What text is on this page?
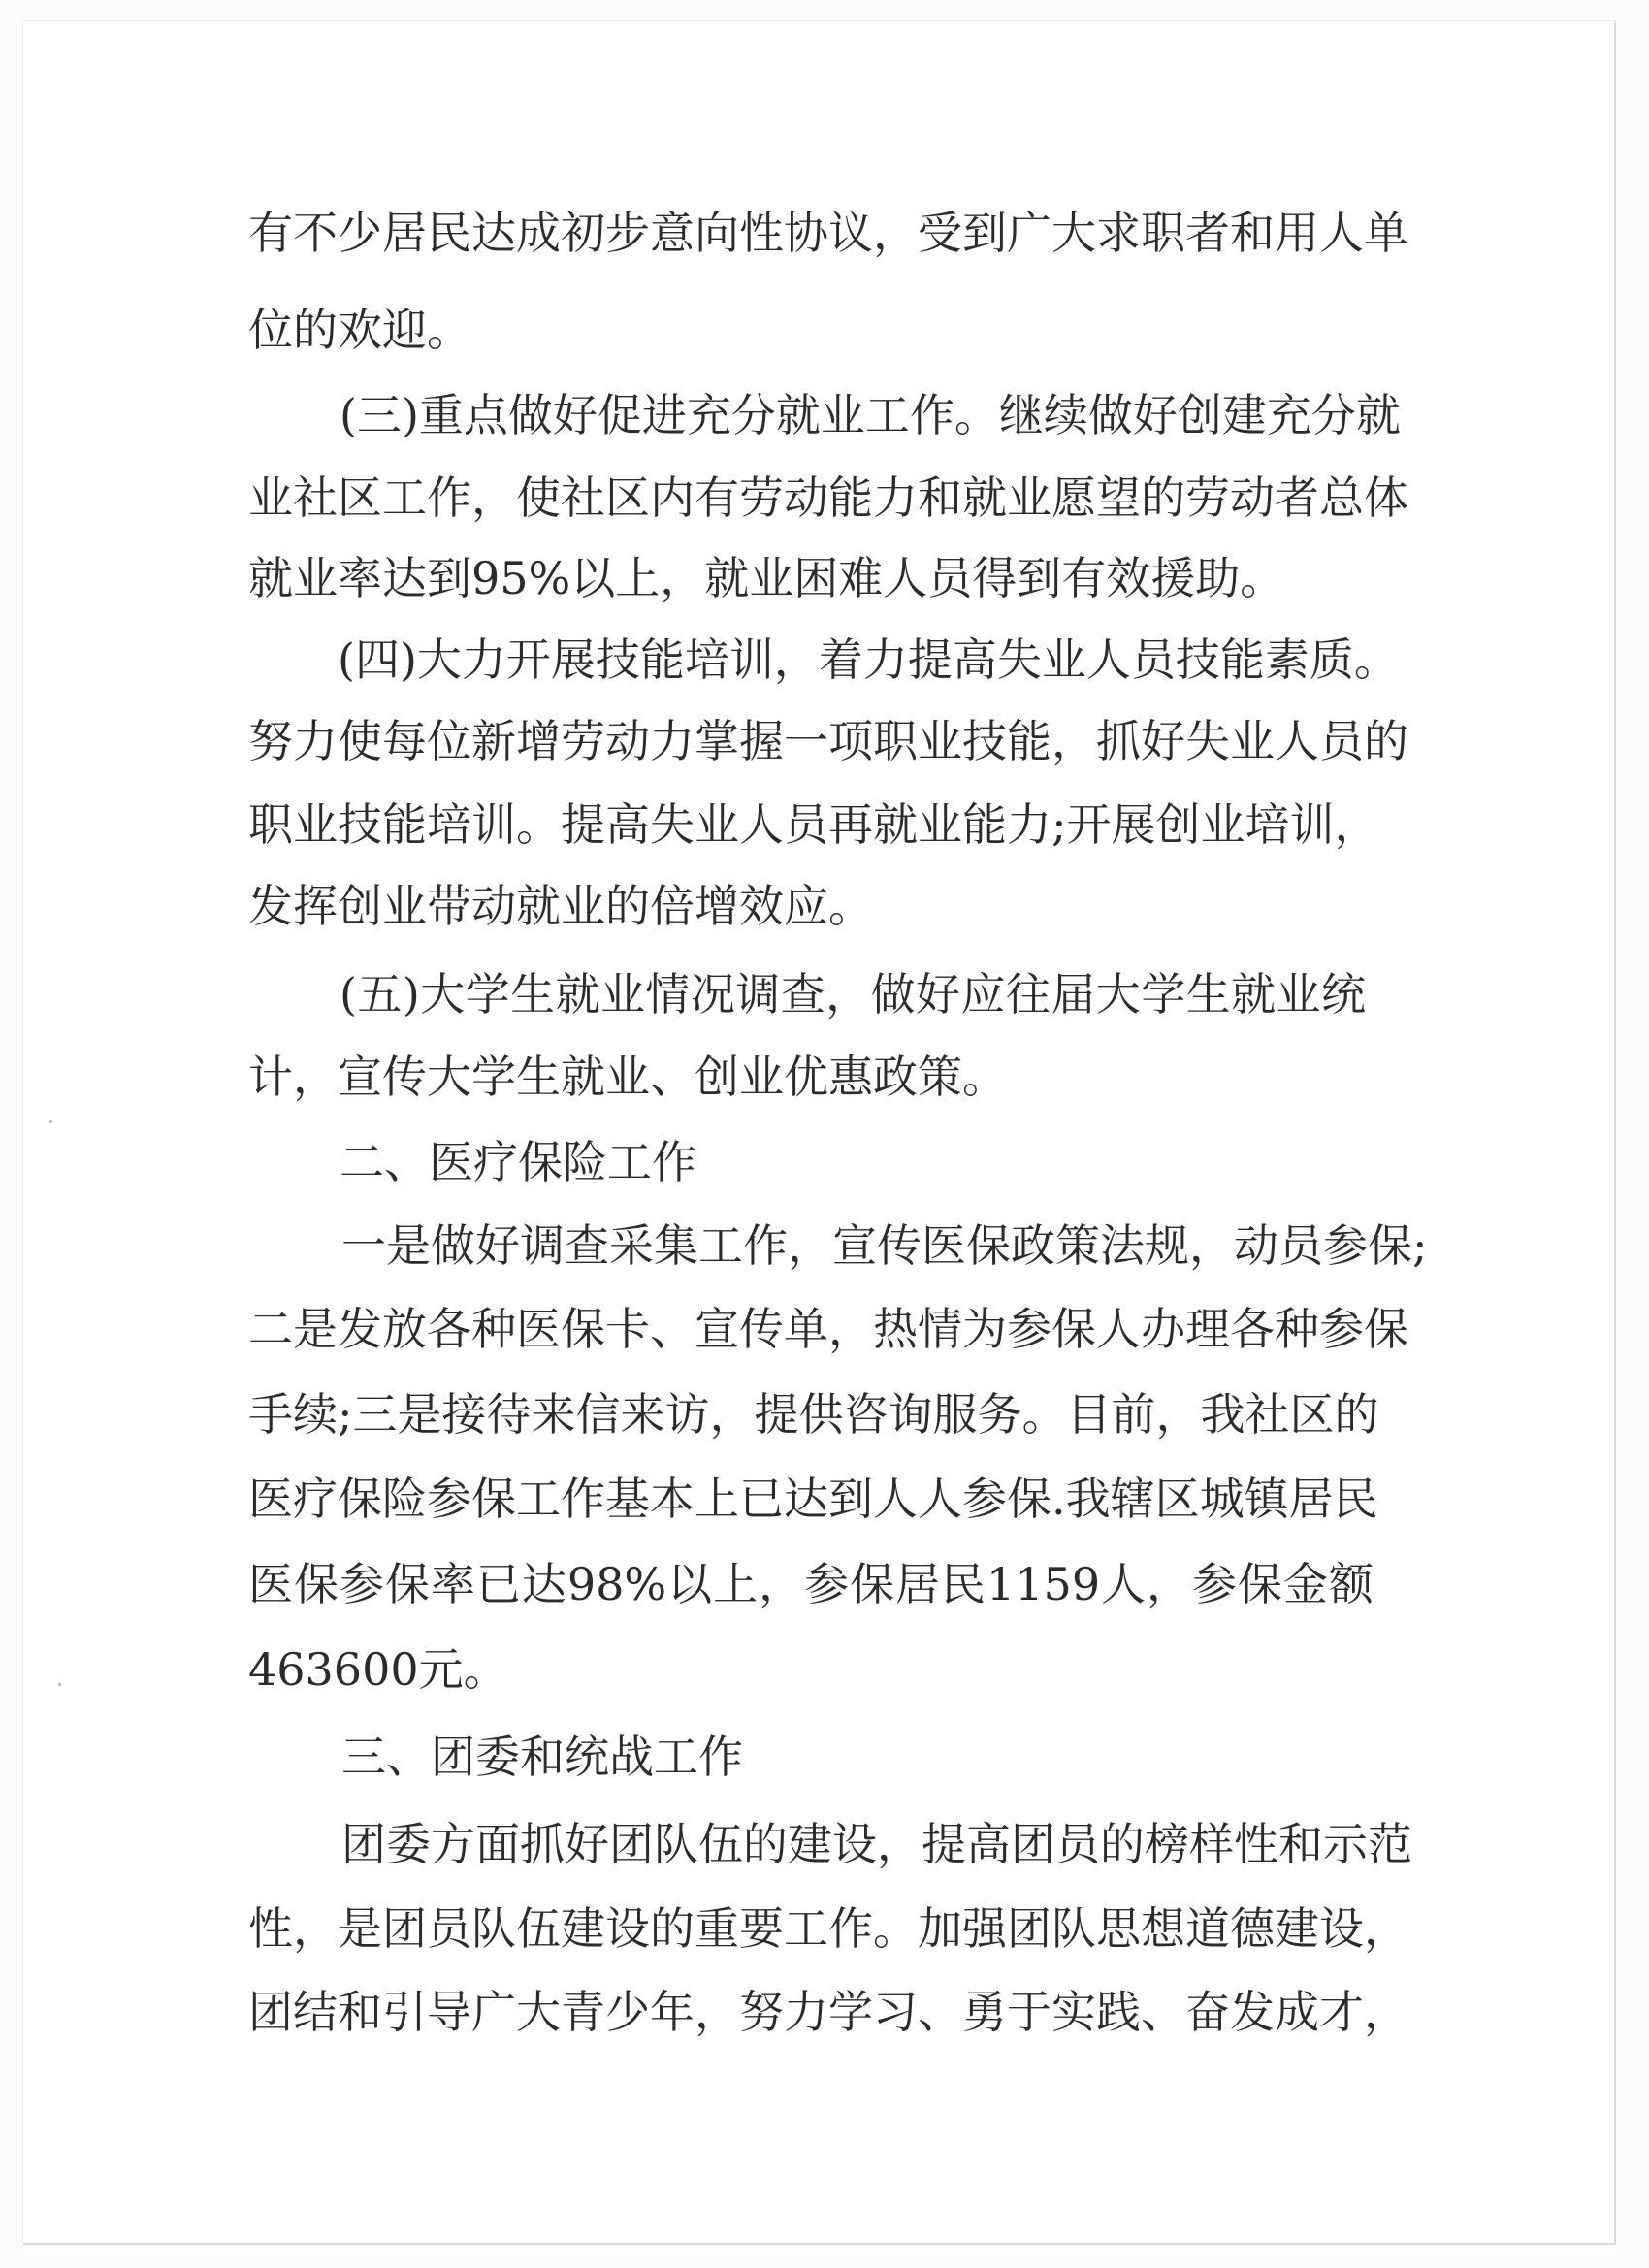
有不少居民达成初步意向性协议，受到广大求职者和用人单
位的欢迎。
(三)重点做好促进充分就业工作。继续做好创建充分就
业社区工作，使社区内有劳动能力和就业愿望的劳动者总体
就业率达到95%以上，就业困难人员得到有效援助。
(四)大力开展技能培训，着力提高失业人员技能素质。
努力使每位新增劳动力掌握一项职业技能，抓好失业人员的
职业技能培训。提高失业人员再就业能力;开展创业培训，
发挥创业带动就业的倍增效应。
(五)大学生就业情况调查，做好应往届大学生就业统
计，宣传大学生就业、创业优惠政策。
二、医疗保险工作
一是做好调查采集工作，宣传医保政策法规，动员参保;
二是发放各种医保卡、宣传单，热情为参保人办理各种参保
手续;三是接待来信来访，提供咨询服务。目前，我社区的
医疗保险参保工作基本上已达到人人参保.我辖区城镇居民
医保参保率已达98%以上，参保居民1159人，参保金额
463600元。
三、团委和统战工作
团委方面抓好团队伍的建设，提高团员的榜样性和示范
性，是团员队伍建设的重要工作。加强团队思想道德建设，
团结和引导广大青少年，努力学习、勇于实践、奋发成才，
